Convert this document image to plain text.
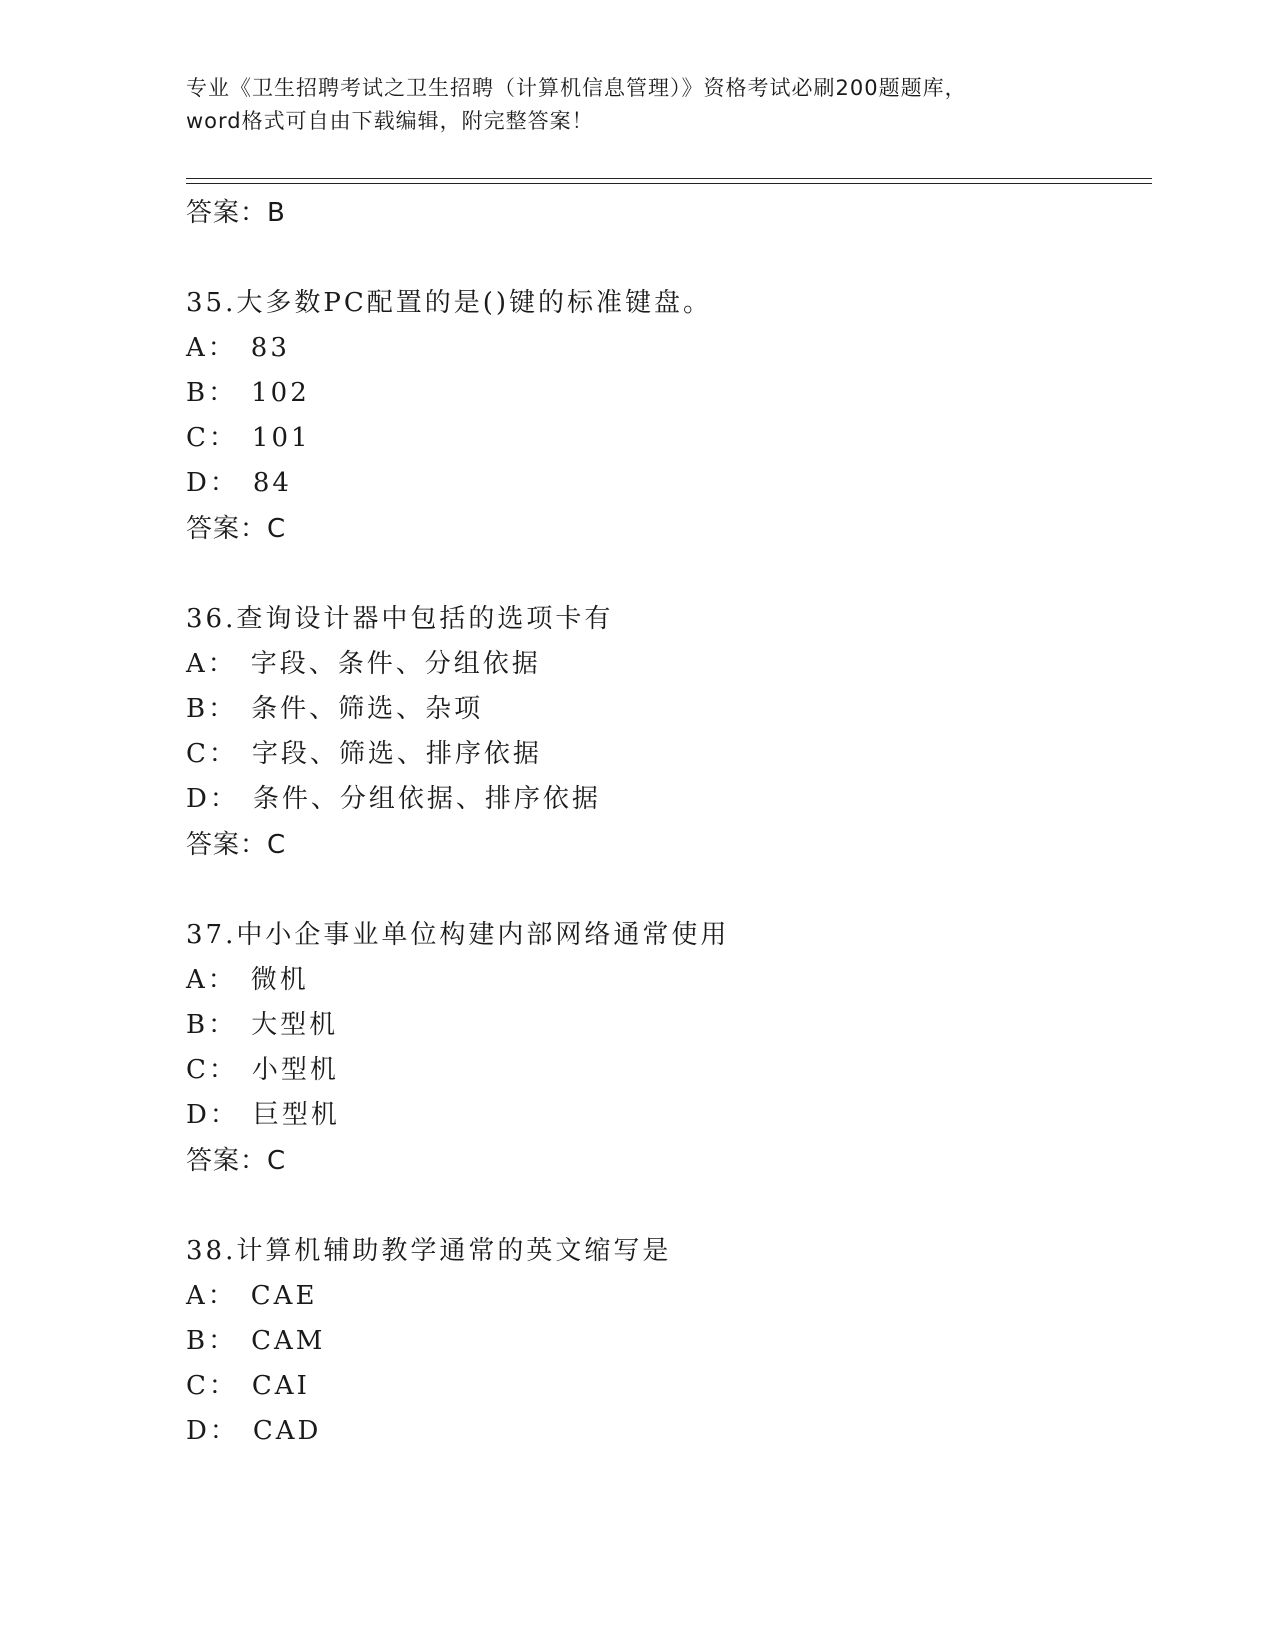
专业《卫生招聘考试之卫生招聘（计算机信息管理）》资格考试必刷200题题库，
word格式可自由下载编辑，附完整答案！
答案：B
35.大多数PC配置的是()键的标准键盘。
A： 83
B： 102
C： 101
D： 84
答案：C
36.查询设计器中包括的选项卡有
A： 字段、条件、分组依据
B： 条件、筛选、杂项
C： 字段、筛选、排序依据
D： 条件、分组依据、排序依据
答案：C
37.中小企事业单位构建内部网络通常使用
A： 微机
B： 大型机
C： 小型机
D： 巨型机
答案：C
38.计算机辅助教学通常的英文缩写是
A： CAE
B： CAM
C： CAI
D： CAD
